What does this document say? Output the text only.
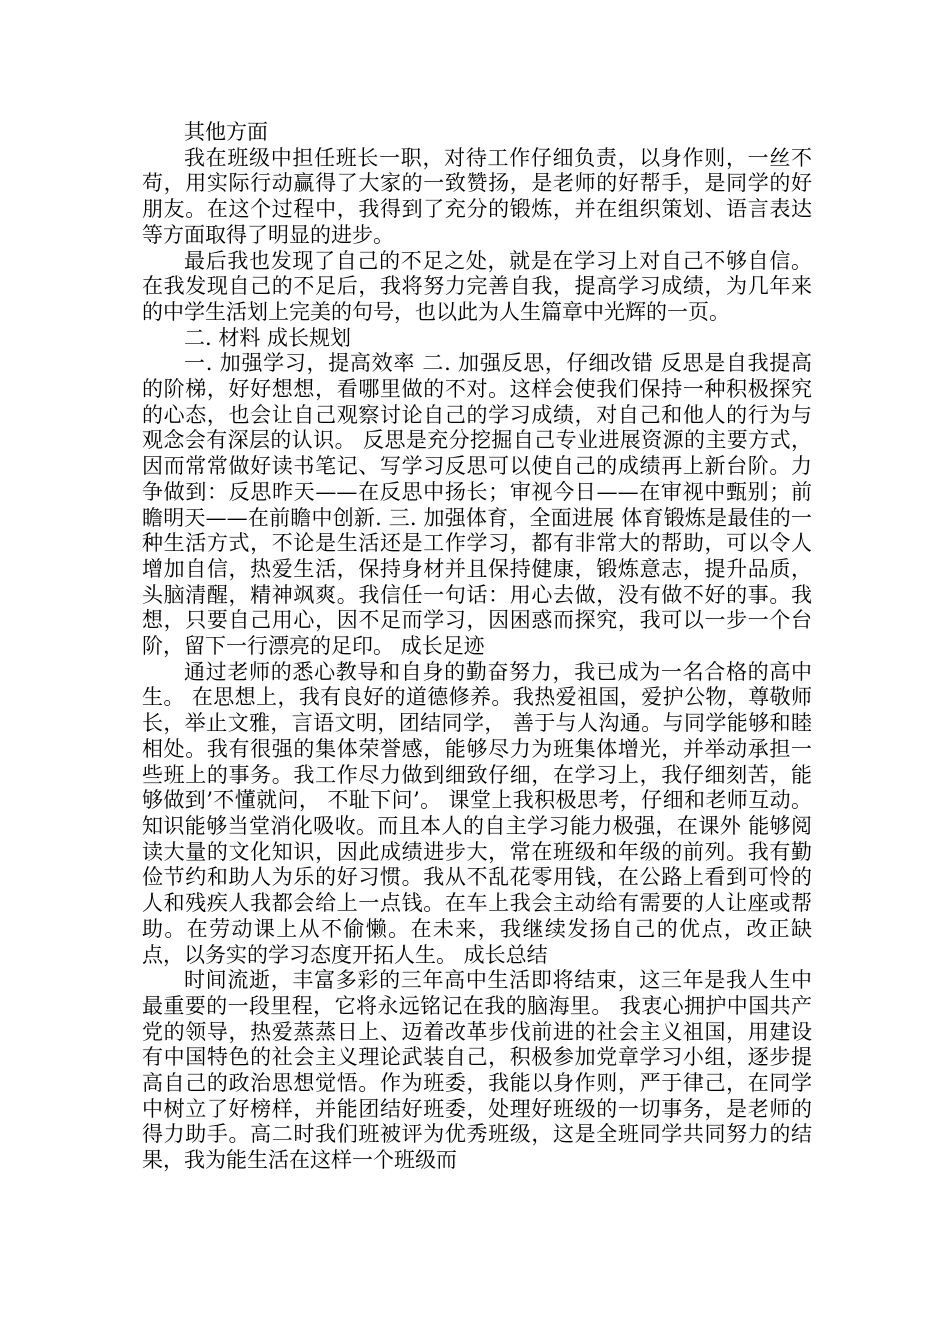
其他方面

我在班级中担任班长一职，对待工作仔细负责，以身作则，一丝不苟，用实际行动赢得了大家的一致赞扬，是老师的好帮手，是同学的好朋友。在这个过程中，我得到了充分的锻炼，并在组织策划、语言表达等方面取得了明显的进步。

最后我也发现了自己的不足之处，就是在学习上对自己不够自信。在我发现自己的不足后，我将努力完善自我，提高学习成绩，为几年来的中学生活划上完美的句号，也以此为人生篇章中光辉的一页。

二. 材料 成长规划

一. 加强学习，提高效率 二. 加强反思，仔细改错 反思是自我提高的阶梯，好好想想，看哪里做的不对。这样会使我们保持一种积极探究的心态，也会让自己观察讨论自己的学习成绩，对自己和他人的行为与观念会有深层的认识。 反思是充分挖掘自己专业进展资源的主要方式，因而常常做好读书笔记、写学习反思可以使自己的成绩再上新台阶。力争做到：反思昨天——在反思中扬长；审视今日——在审视中甄别；前瞻明天——在前瞻中创新. 三. 加强体育，全面进展 体育锻炼是最佳的一种生活方式，不论是生活还是工作学习，都有非常大的帮助，可以令人增加自信，热爱生活，保持身材并且保持健康，锻炼意志，提升品质，头脑清醒，精神飒爽。我信任一句话：用心去做，没有做不好的事。我想，只要自己用心，因不足而学习，因困惑而探究，我可以一步一个台阶，留下一行漂亮的足印。 成长足迹

通过老师的悉心教导和自身的勤奋努力，我已成为一名合格的高中生。 在思想上，我有良好的道德修养。我热爱祖国，爱护公物，尊敬师长，举止文雅，言语文明，团结同学， 善于与人沟通。与同学能够和睦相处。我有很强的集体荣誉感，能够尽力为班集体增光，并举动承担一 些班上的事务。我工作尽力做到细致仔细，在学习上，我仔细刻苦，能够做到’不懂就问， 不耻下问’。 课堂上我积极思考，仔细和老师互动。知识能够当堂消化吸收。而且本人的自主学习能力极强，在课外 能够阅读大量的文化知识，因此成绩进步大，常在班级和年级的前列。我有勤俭节约和助人为乐的好习惯。我从不乱花零用钱，在公路上看到可怜的人和残疾人我都会给上一点钱。在车上我会主动给有需要的人让座或帮助。在劳动课上从不偷懒。在未来，我继续发扬自己的优点，改正缺点，以务实的学习态度开拓人生。 成长总结

时间流逝，丰富多彩的三年高中生活即将结束，这三年是我人生中最重要的一段里程，它将永远铭记在我的脑海里。 我衷心拥护中国共产党的领导，热爱蒸蒸日上、迈着改革步伐前进的社会主义祖国，用建设有中国特色的社会主义理论武装自己，积极参加党章学习小组，逐步提高自己的政治思想觉悟。作为班委，我能以身作则，严于律己，在同学中树立了好榜样，并能团结好班委，处理好班级的一切事务，是老师的得力助手。高二时我们班被评为优秀班级，这是全班同学共同努力的结果，我为能生活在这样一个班级而
